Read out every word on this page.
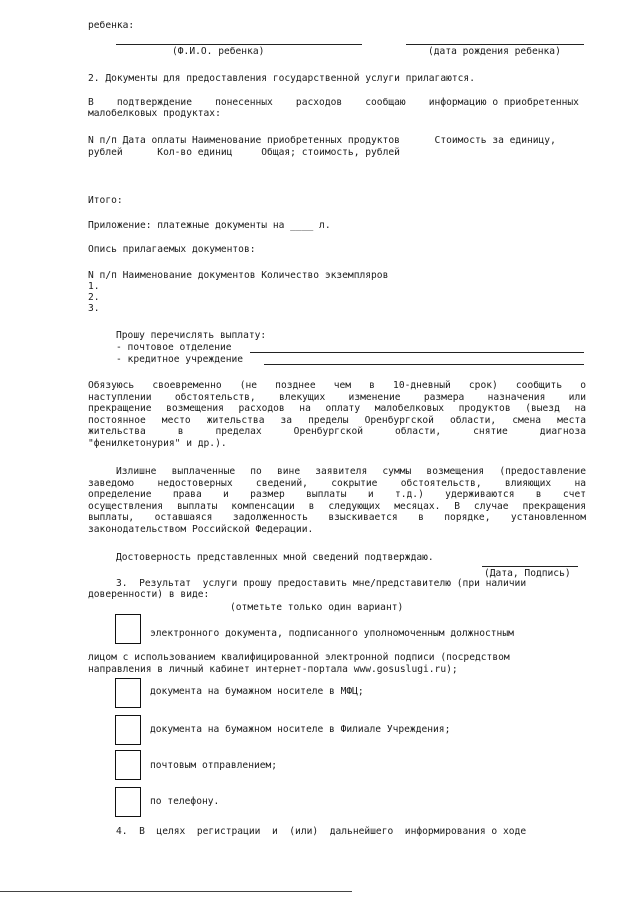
ребенка:

(Ф.И.О. ребенка)	(дата рождения ребенка)

2. Документы для предоставления государственной услуги прилагаются.

В    подтверждение    понесенных    расходов    сообщаю    информацию о приобретенных

малобелковых продуктах:

N п/п Дата оплаты Наименование приобретенных продуктов      Стоимость за единицу,

рублей      Кол-во единиц     Общая; стоимость, рублей

Итого:

Приложение: платежные документы на ____ л.

Опись прилагаемых документов:

N п/п Наименование документов Количество экземпляров

1.

2.

3.

Прошу перечислять выплату:

- почтовое отделение

- кредитное учреждение

Обязуюсь своевременно (не позднее чем в 10-дневный срок) сообщить о
наступлении обстоятельств, влекущих изменение размера назначения или
прекращение возмещения расходов на оплату малобелковых продуктов (выезд на
постоянное место жительства за пределы Оренбургской области, смена места
жительства в пределах Оренбургской области, снятие диагноза
"фенилкетонурия" и др.).
Излишне выплаченные по вине заявителя суммы возмещения (предоставление
заведомо недостоверных сведений, сокрытие обстоятельств, влияющих на
определение права и размер выплаты и т.д.) удерживаются в счет
осуществления выплаты компенсации в следующих месяцах. В случае прекращения
выплаты, оставшаяся задолженность взыскивается в порядке, установленном
законодательством Российской Федерации.

Достоверность представленных мной сведений подтверждаю.

(Дата, Подпись)

3.  Результат  услуги прошу предоставить мне/представителю (при наличии

доверенности) в виде:

(отметьте только один вариант)

электронного документа, подписанного уполномоченным должностным

лицом с использованием квалифицированной электронной подписи (посредством

направления в личный кабинет интернет-портала www.gosuslugi.ru);

документа на бумажном носителе в МФЦ;

документа на бумажном носителе в Филиале Учреждения;

почтовым отправлением;

по телефону.

4.  В  целях  регистрации  и  (или)  дальнейшего  информирования о ходе
